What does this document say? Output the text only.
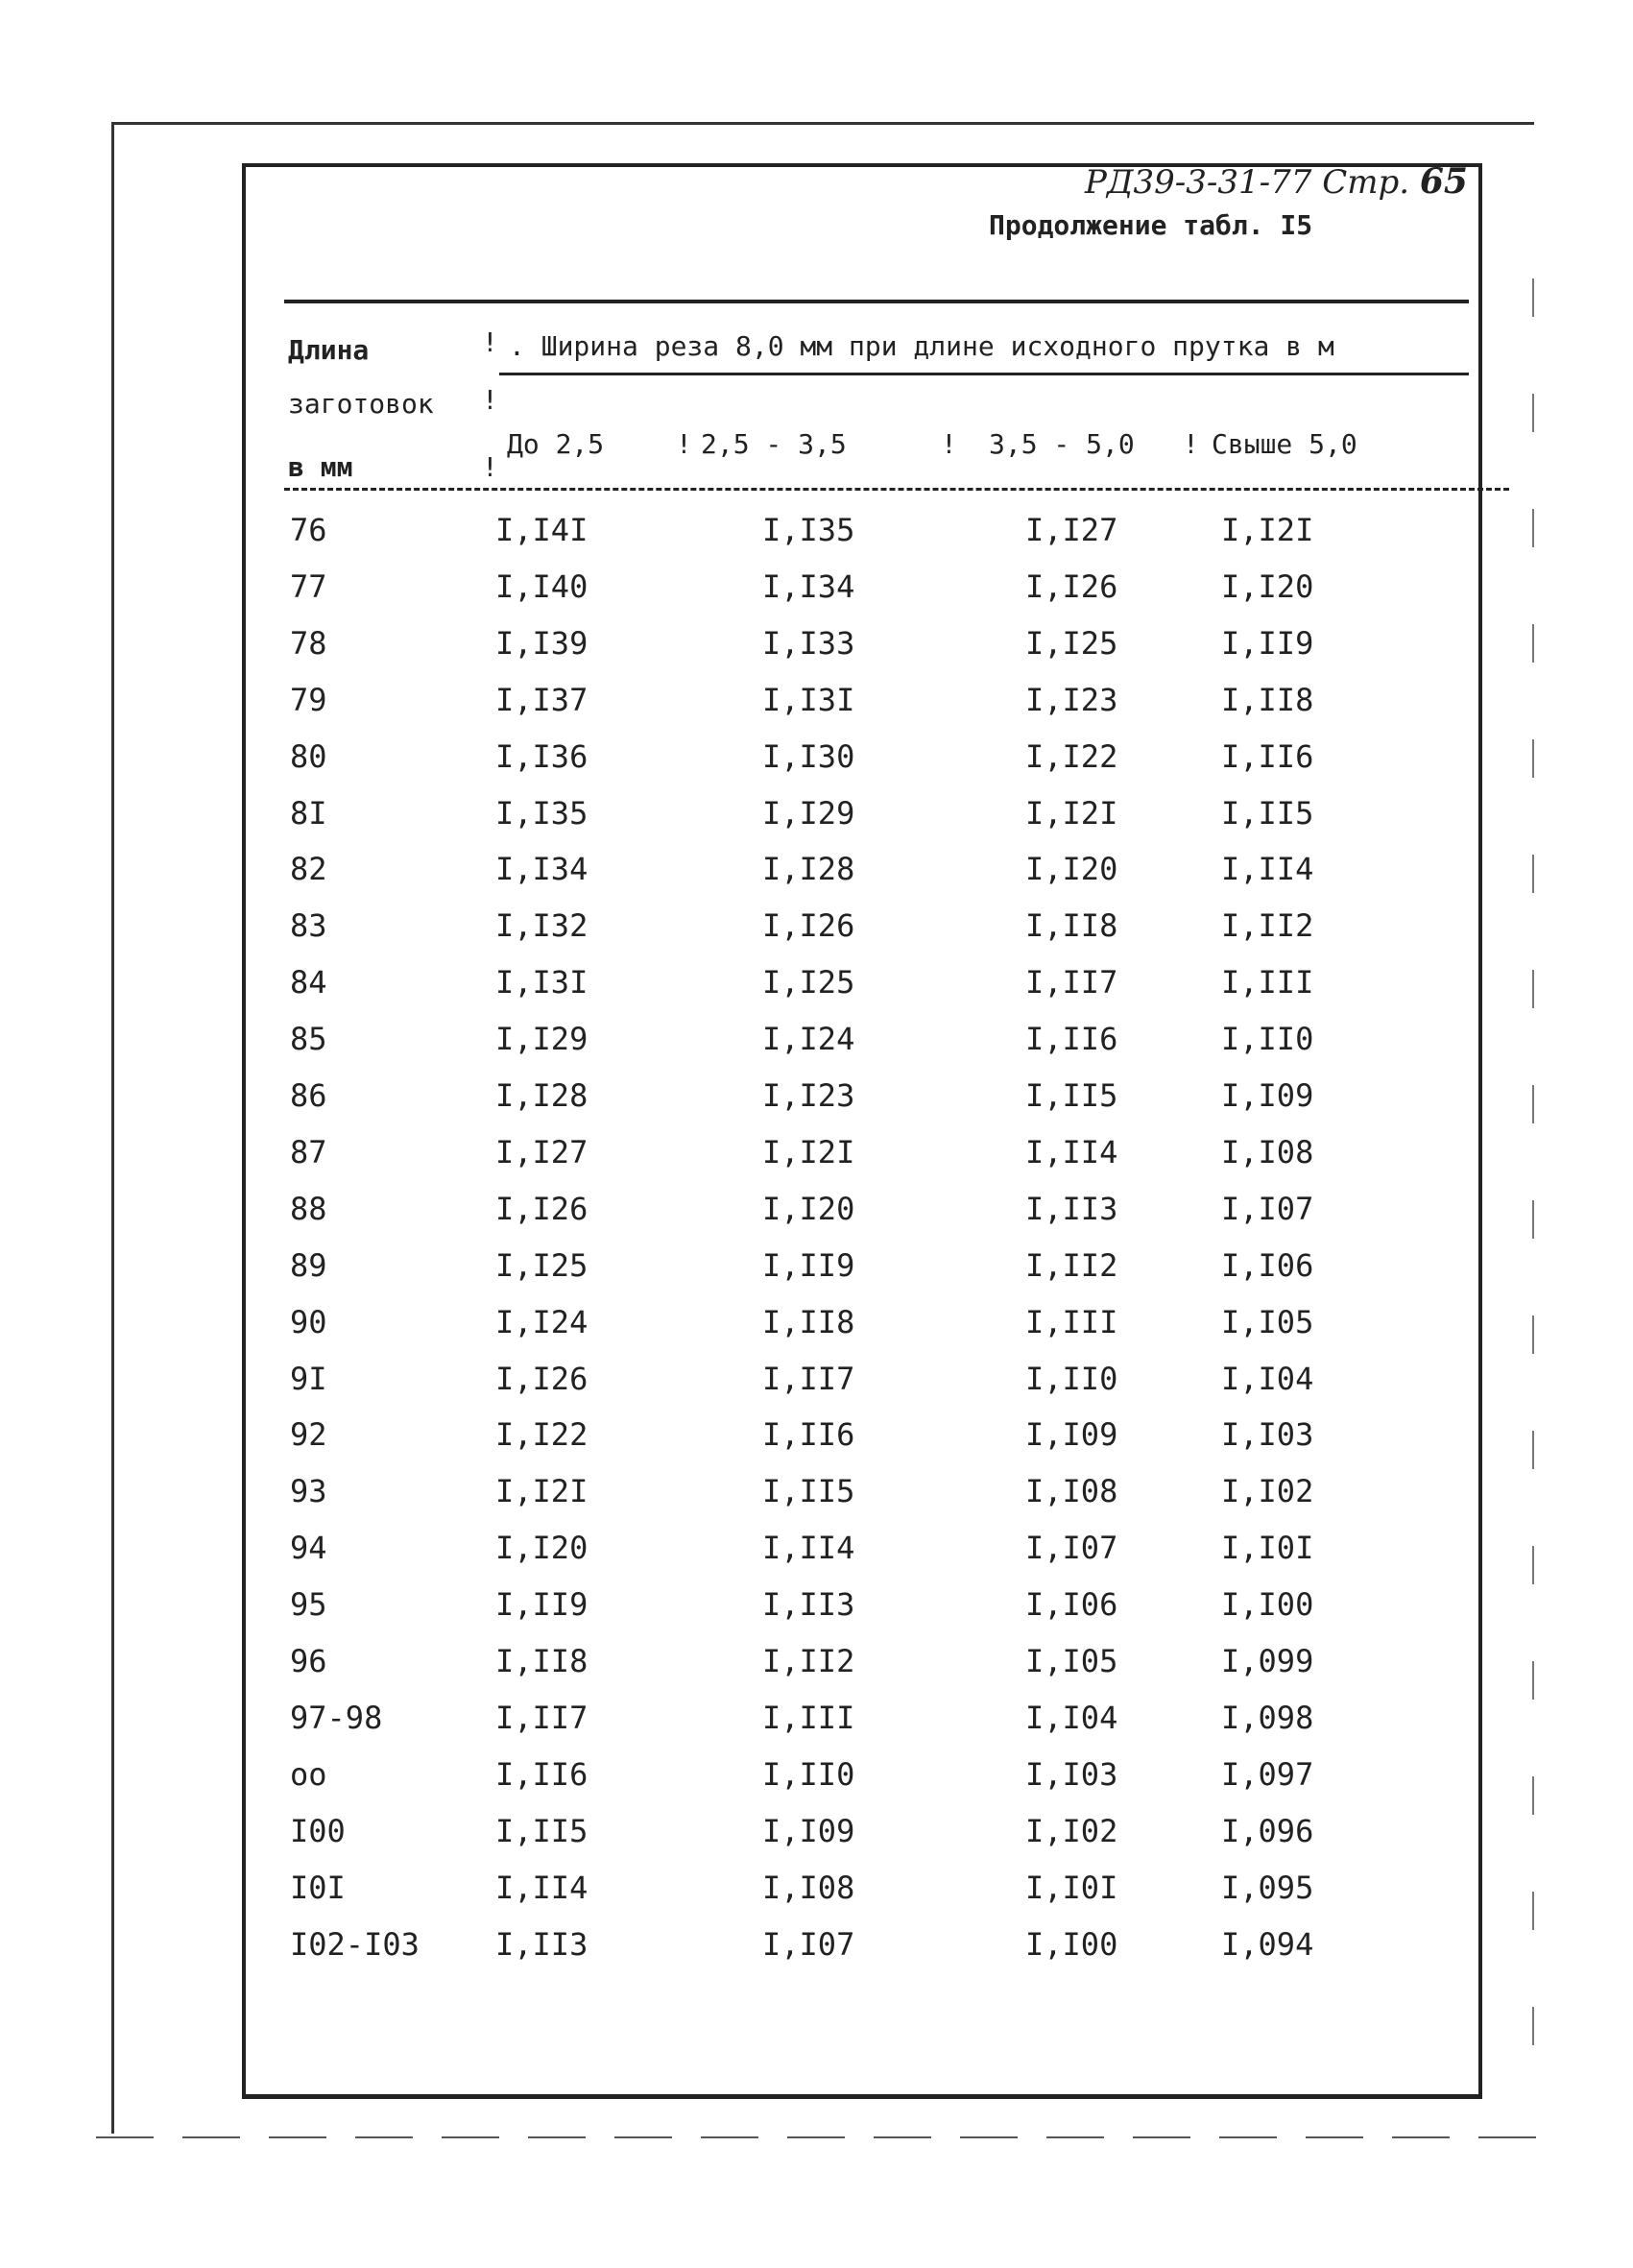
РД39-3-31-77 Стр. 65
Продолжение табл. I5
Длина
заготовок
в мм
!
!
!
. Ширина реза 8,0 мм при длине исходного прутка в м
До 2,5	! 2,5 - 3,5	! 3,5 - 5,0 ! Свыше 5,0
76	I,I4I	I,I35	I,I27	I,I2I
77	I,I40	I,I34	I,I26	I,I20
78	I,I39	I,I33	I,I25	I,II9
79	I,I37	I,I3I	I,I23	I,II8
80	I,I36	I,I30	I,I22	I,II6
8I	I,I35	I,I29	I,I2I	I,II5
82	I,I34	I,I28	I,I20	I,II4
83	I,I32	I,I26	I,II8	I,II2
84	I,I3I	I,I25	I,II7	I,III
85	I,I29	I,I24	I,II6	I,II0
86	I,I28	I,I23	I,II5	I,I09
87	I,I27	I,I2I	I,II4	I,I08
88	I,I26	I,I20	I,II3	I,I07
89	I,I25	I,II9	I,II2	I,I06
90	I,I24	I,II8	I,III	I,I05
9I	I,I26	I,II7	I,II0	I,I04
92	I,I22	I,II6	I,I09	I,I03
93	I,I2I	I,II5	I,I08	I,I02
94	I,I20	I,II4	I,I07	I,I0I
95	I,II9	I,II3	I,I06	I,I00
96	I,II8	I,II2	I,I05	I,099
97-98	I,II7	I,III	I,I04	I,098
oo	I,II6	I,II0	I,I03	I,097
I00	I,II5	I,I09	I,I02	I,096
I0I	I,II4	I,I08	I,I0I	I,095
I02-I03 I,II3	I,I07	I,I00	I,094
